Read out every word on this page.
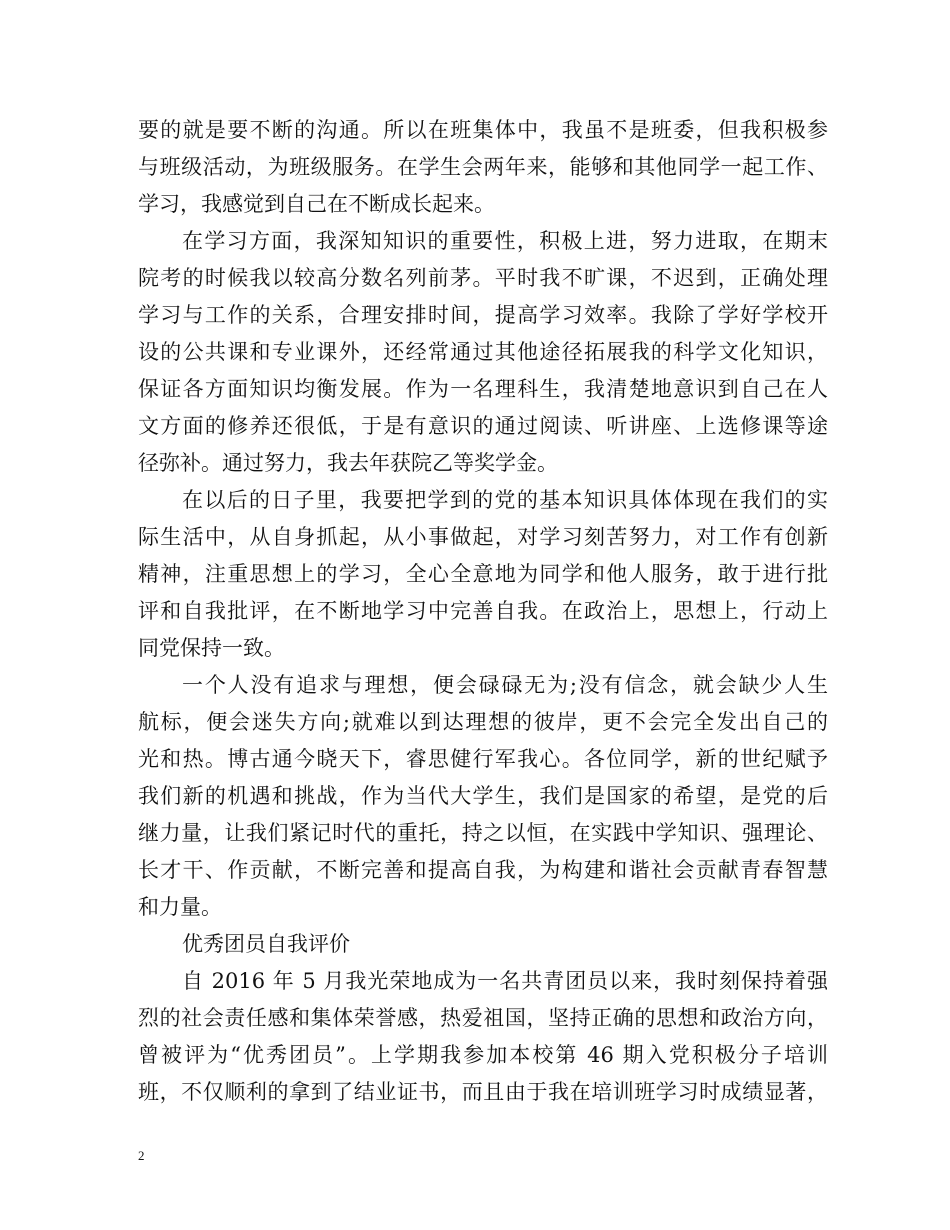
要的就是要不断的沟通。所以在班集体中，我虽不是班委，但我积极参
与班级活动，为班级服务。在学生会两年来，能够和其他同学一起工作、
学习，我感觉到自己在不断成长起来。
在学习方面，我深知知识的重要性，积极上进，努力进取，在期末
院考的时候我以较高分数名列前茅。平时我不旷课，不迟到，正确处理
学习与工作的关系，合理安排时间，提高学习效率。我除了学好学校开
设的公共课和专业课外，还经常通过其他途径拓展我的科学文化知识，
保证各方面知识均衡发展。作为一名理科生，我清楚地意识到自己在人
文方面的修养还很低，于是有意识的通过阅读、听讲座、上选修课等途
径弥补。通过努力，我去年获院乙等奖学金。
在以后的日子里，我要把学到的党的基本知识具体体现在我们的实
际生活中，从自身抓起，从小事做起，对学习刻苦努力，对工作有创新
精神，注重思想上的学习，全心全意地为同学和他人服务，敢于进行批
评和自我批评，在不断地学习中完善自我。在政治上，思想上，行动上
同党保持一致。
一个人没有追求与理想，便会碌碌无为;没有信念，就会缺少人生
航标，便会迷失方向;就难以到达理想的彼岸，更不会完全发出自己的
光和热。博古通今晓天下，睿思健行军我心。各位同学，新的世纪赋予
我们新的机遇和挑战，作为当代大学生，我们是国家的希望，是党的后
继力量，让我们紧记时代的重托，持之以恒，在实践中学知识、强理论、
长才干、作贡献，不断完善和提高自我，为构建和谐社会贡献青春智慧
和力量。
优秀团员自我评价
自 2016 年 5 月我光荣地成为一名共青团员以来，我时刻保持着强
烈的社会责任感和集体荣誉感，热爱祖国，坚持正确的思想和政治方向，
曾被评为“优秀团员”。上学期我参加本校第 46 期入党积极分子培训
班，不仅顺利的拿到了结业证书，而且由于我在培训班学习时成绩显著，
2
